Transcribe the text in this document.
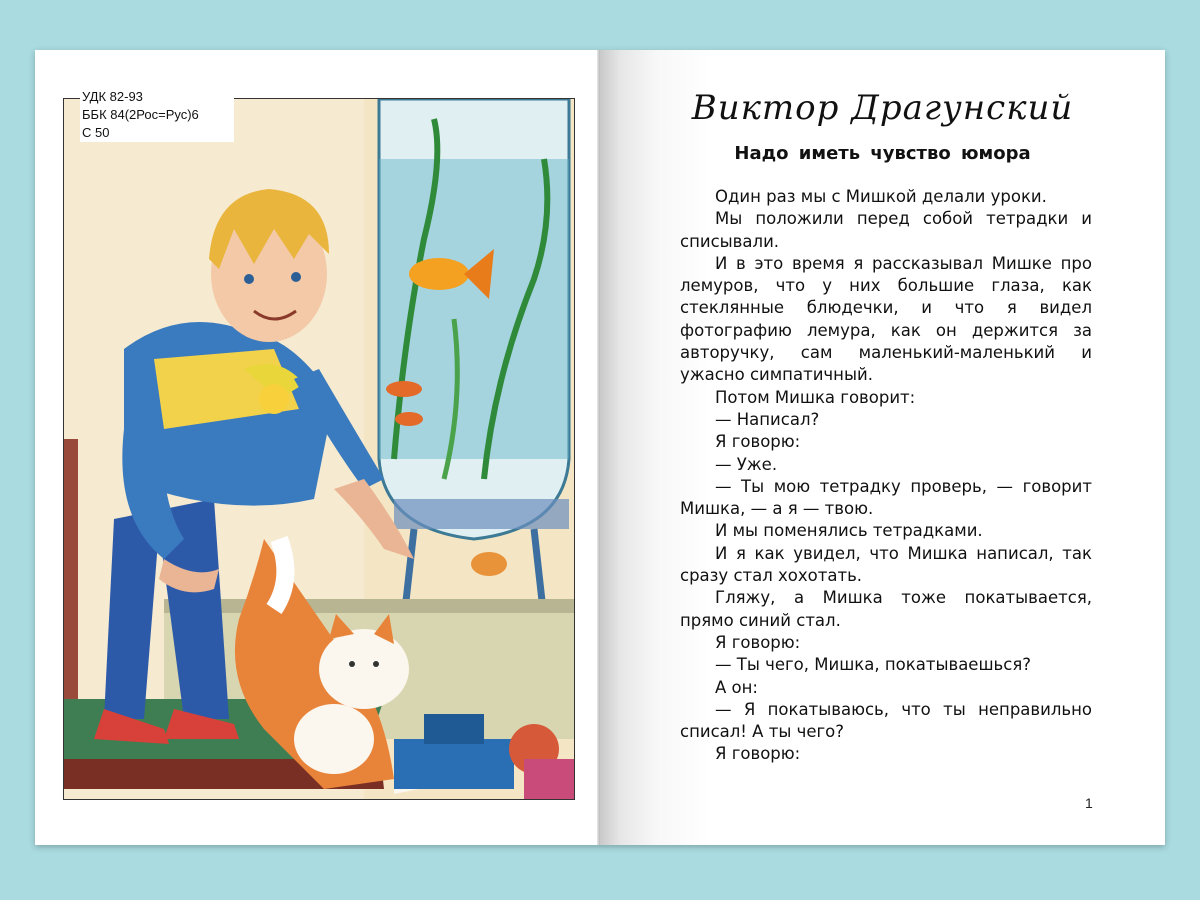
УДК 82-93
ББК 84(2Рос=Рус)6
С 50
Виктор Драгунский
Надо иметь чувство юмора

Один раз мы с Мишкой делали уроки.

Мы положили перед собой тетрадки и списывали.

И в это время я рассказывал Мишке про лемуров, что у них большие глаза, как стеклянные блюдечки, и что я видел фотографию лемура, как он держится за авторучку, сам маленький-маленький и ужасно симпатичный.

Потом Мишка говорит:

— Написал?

Я говорю:

— Уже.

— Ты мою тетрадку проверь, — говорит Мишка, — а я — твою.

И мы поменялись тетрадками.

И я как увидел, что Мишка написал, так сразу стал хохотать.

Гляжу, а Мишка тоже покатывается, прямо синий стал.

Я говорю:

— Ты чего, Мишка, покатываешься?

А он:

— Я покатываюсь, что ты неправильно списал! А ты чего?

Я говорю:

1
